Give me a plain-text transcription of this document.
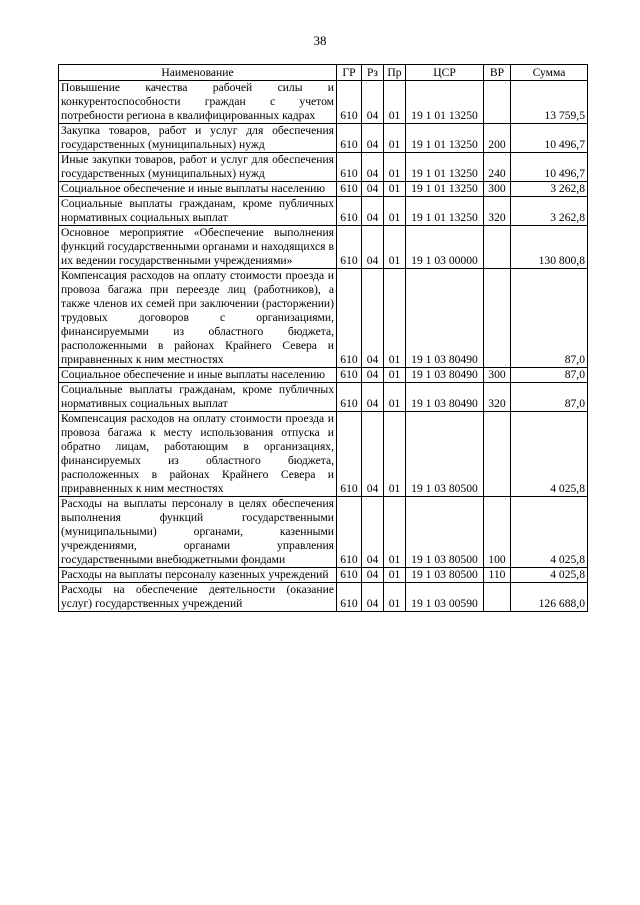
38
Наименование	ГР	Рз	Пр	ЦСР	ВР	Сумма
Повышение качества рабочей силы и конкурентоспособности граждан с учетом потребности региона в квалифицированных кадрах	610	04	01	19 1 01 13250		13 759,5
Закупка товаров, работ и услуг для обеспечения государственных (муниципальных) нужд	610	04	01	19 1 01 13250	200	10 496,7
Иные закупки товаров, работ и услуг для обеспечения государственных (муниципальных) нужд	610	04	01	19 1 01 13250	240	10 496,7
Социальное обеспечение и иные выплаты населению	610	04	01	19 1 01 13250	300	3 262,8
Социальные выплаты гражданам, кроме публичных нормативных социальных выплат	610	04	01	19 1 01 13250	320	3 262,8
Основное мероприятие «Обеспечение выполнения функций государственными органами и находящихся в их ведении государственными учреждениями»	610	04	01	19 1 03 00000		130 800,8
Компенсация расходов на оплату стоимости проезда и провоза багажа при переезде лиц (работников), а также членов их семей при заключении (расторжении) трудовых договоров с организациями, финансируемыми из областного бюджета, расположенными в районах Крайнего Севера и приравненных к ним местностях	610	04	01	19 1 03 80490		87,0
Социальное обеспечение и иные выплаты населению	610	04	01	19 1 03 80490	300	87,0
Социальные выплаты гражданам, кроме публичных нормативных социальных выплат	610	04	01	19 1 03 80490	320	87,0
Компенсация расходов на оплату стоимости проезда и провоза багажа к месту использования отпуска и обратно лицам, работающим в организациях, финансируемых из областного бюджета, расположенных в районах Крайнего Севера и приравненных к ним местностях	610	04	01	19 1 03 80500		4 025,8
Расходы на выплаты персоналу в целях обеспечения выполнения функций государственными (муниципальными) органами, казенными учреждениями, органами управления государственными внебюджетными фондами	610	04	01	19 1 03 80500	100	4 025,8
Расходы на выплаты персоналу казенных учреждений	610	04	01	19 1 03 80500	110	4 025,8
Расходы на обеспечение деятельности (оказание услуг) государственных учреждений	610	04	01	19 1 03 00590		126 688,0
